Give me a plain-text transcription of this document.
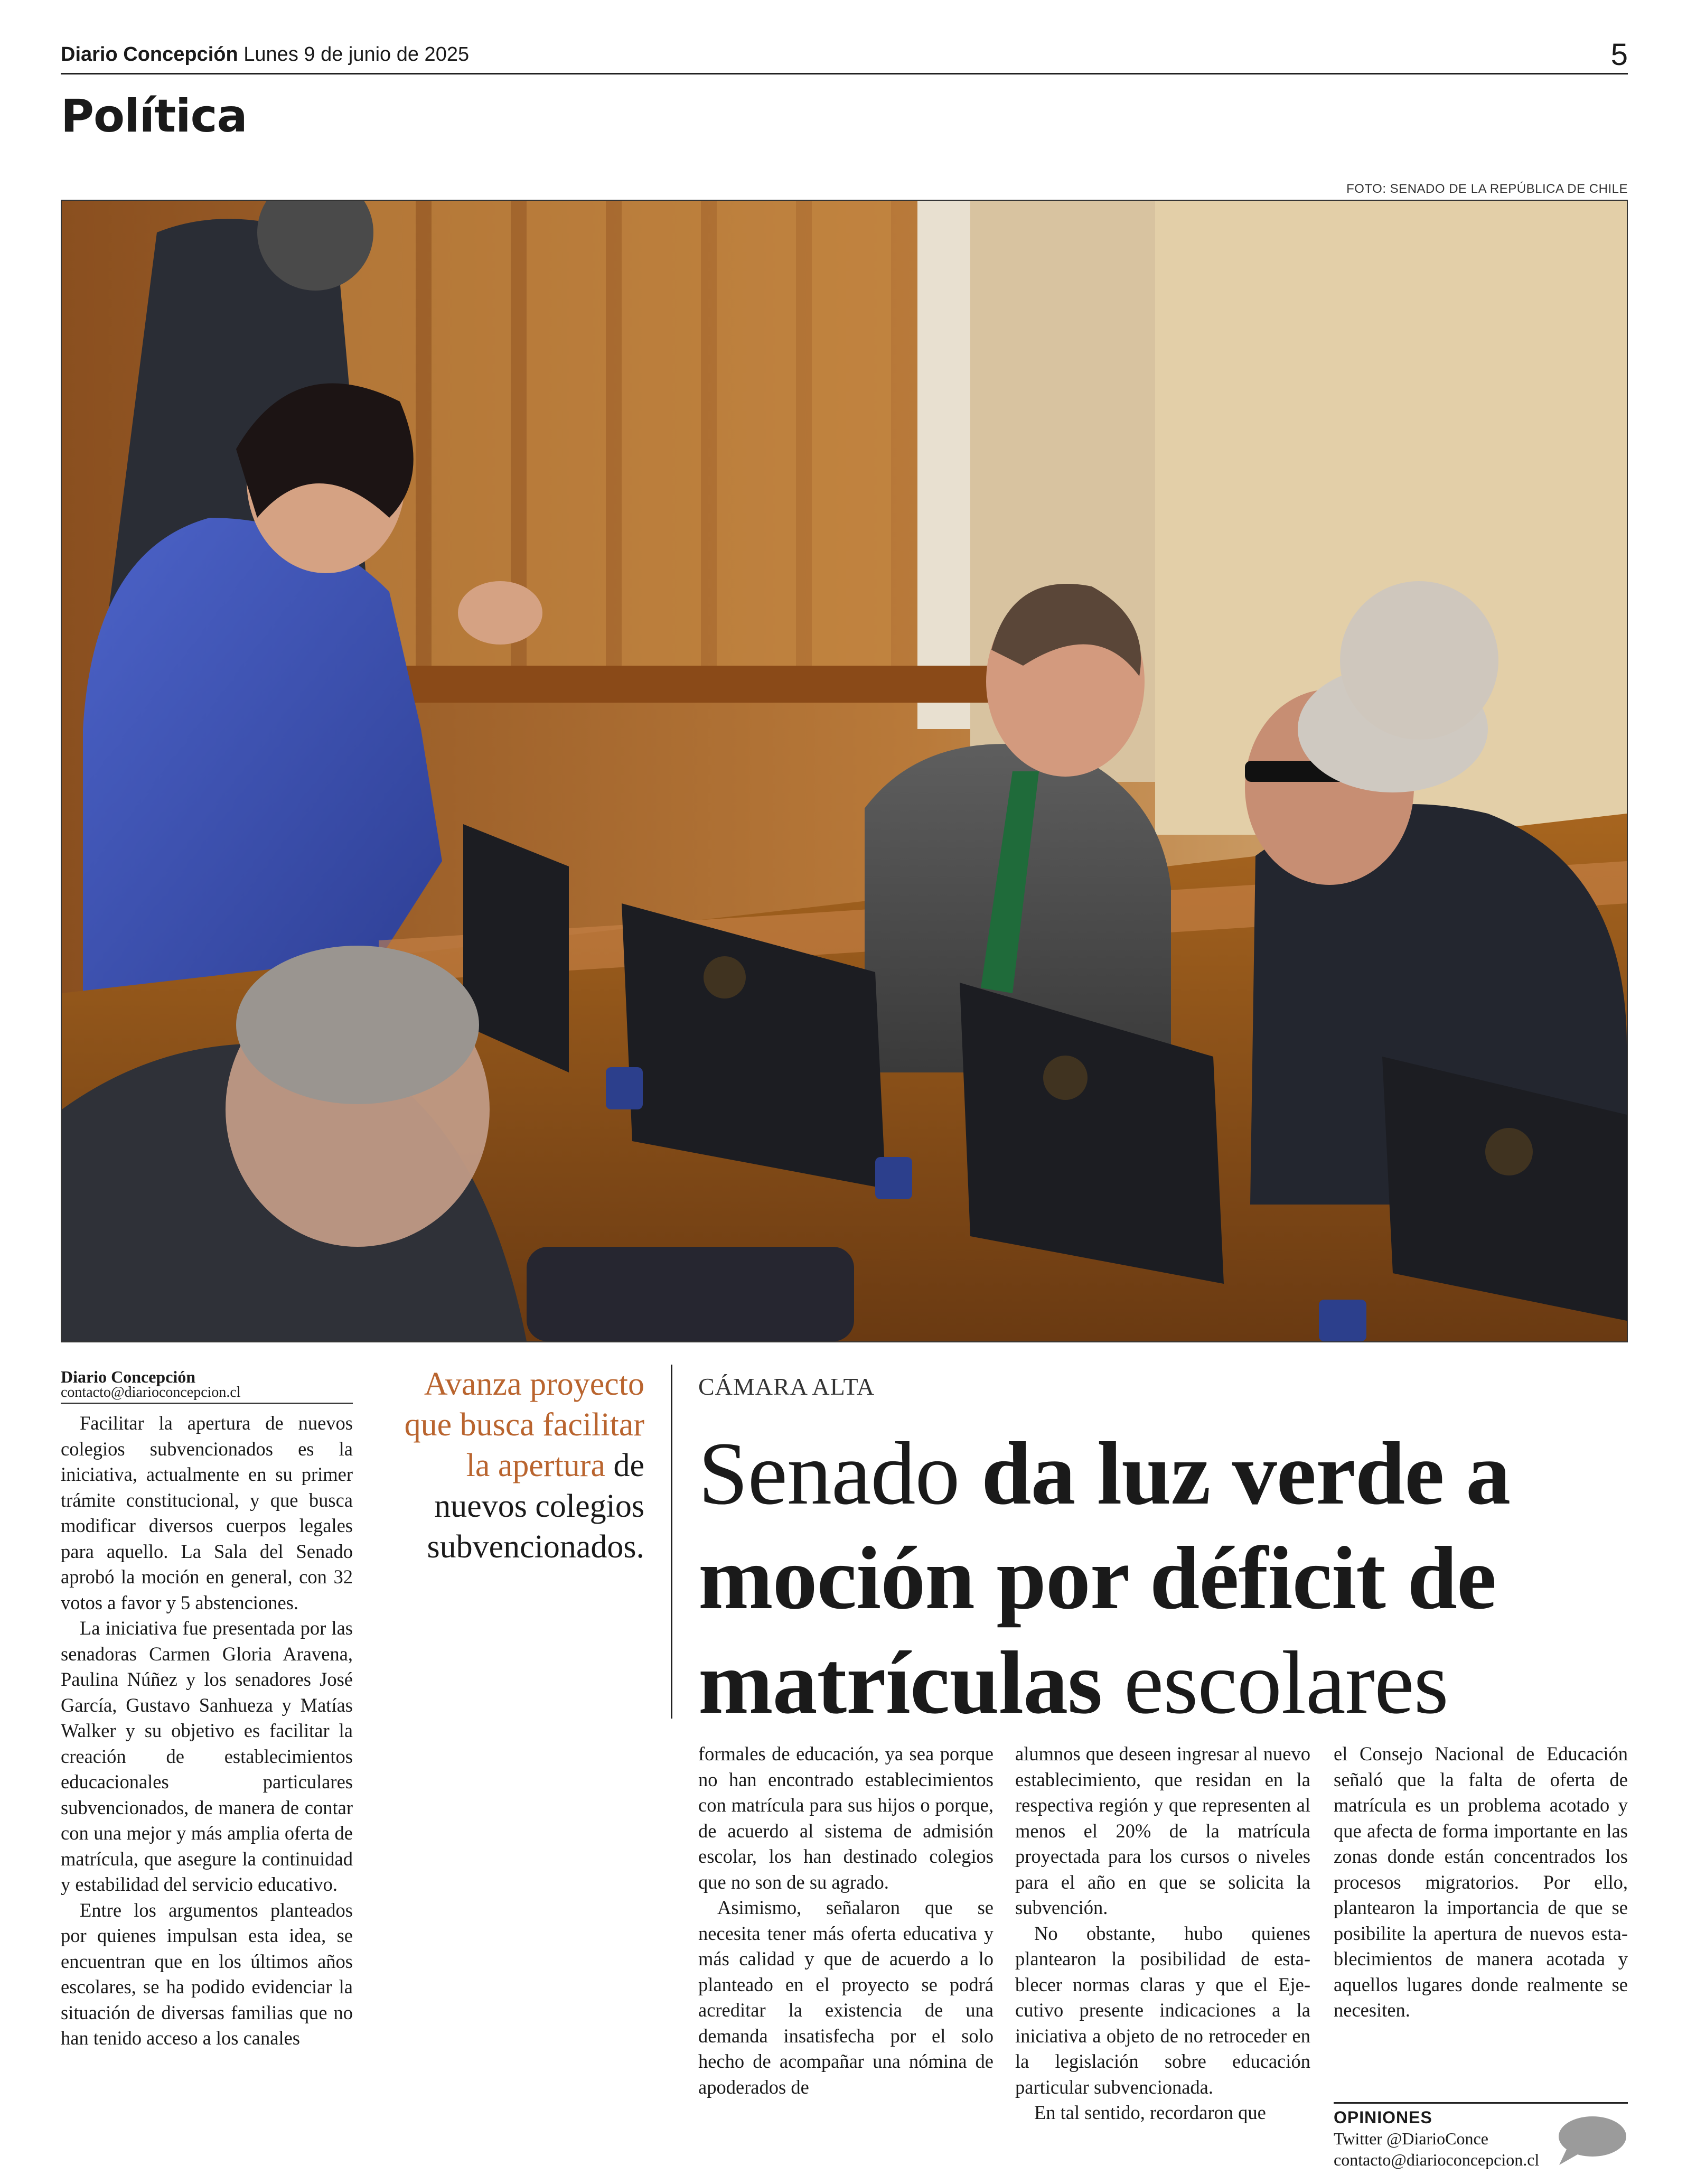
Diario Concepción Lunes 9 de junio de 2025	5
Política
FOTO: SENADO DE LA REPÚBLICA DE CHILE
Diario Concepción
contacto@diarioconcepcion.cl

Facilitar la apertura de nuevos colegios subvencionados es la iniciativa, actualmente en su primer trámite constitucional, y que busca modificar diversos cuerpos legales para aquello. La Sala del Senado aprobó la moción en general, con 32 votos a favor y 5 abstenciones.

La iniciativa fue presentada por las senadoras Carmen Gloria Aravena, Paulina Núñez y los senadores José García, Gustavo Sanhueza y Matías Walker y su objetivo es facilitar la creación de establecimientos educacionales particulares subvencionados, de manera de contar con una mejor y más amplia oferta de matrícula, que asegure la continuidad y estabilidad del servicio educativo.

Entre los argumentos planteados por quienes impulsan esta idea, se encuentran que en los últimos años escolares, se ha podido evidenciar la situación de diversas familias que no han tenido acceso a los canales

Avanza proyecto que busca facilitar la apertura de nuevos colegios subvencionados.
CÁMARA ALTA
Senado da luz verde a moción por déficit de matrículas escolares

formales de educación, ya sea porque no han encontrado establecimientos con matrícula para sus hijos o porque, de acuerdo al sistema de admisión escolar, los han destinado colegios que no son de su agrado.

Asimismo, señalaron que se necesita tener más oferta educativa y más calidad y que de acuerdo a lo planteado en el proyecto se podrá acreditar la existencia de una demanda insatisfecha por el solo hecho de acompañar una nómina de apoderados de

alumnos que deseen ingresar al nuevo establecimiento, que residan en la respectiva región y que representen al menos el 20% de la matrícula proyectada para los cursos o niveles para el año en que se solicita la subvención.

No obstante, hubo quienes plantearon la posibilidad de establecer normas claras y que el Ejecutivo presente indicaciones a la iniciativa a objeto de no retroceder en la legislación sobre educación particular subvencionada.

En tal sentido, recordaron que

el Consejo Nacional de Educación señaló que la falta de oferta de matrícula es un problema acotado y que afecta de forma importante en las zonas donde están concentrados los procesos migratorios. Por ello, plantearon la importancia de que se posibilite la apertura de nuevos establecimientos de manera acotada y aquellos lugares donde realmente se necesiten.

OPINIONES
Twitter @DiarioConce
contacto@diarioconcepcion.cl
